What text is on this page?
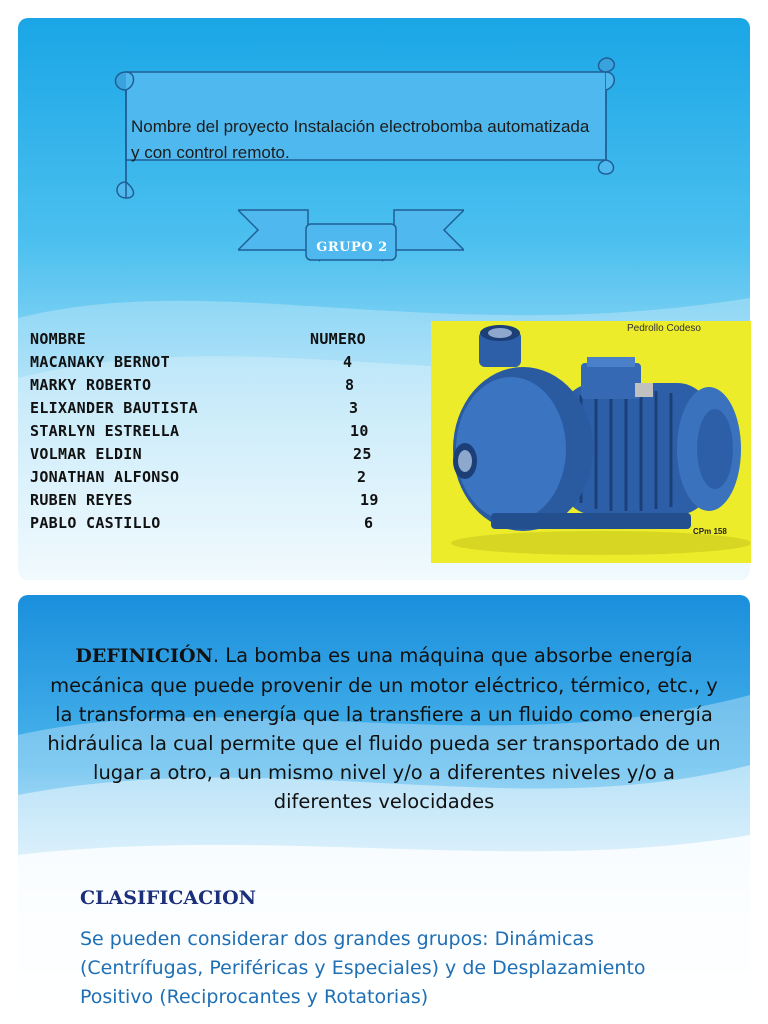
Nombre del proyecto Instalación electrobomba automatizada y con control remoto.
GRUPO 2
NOMBRE	NUMERO
MACANAKY BERNOT	4
MARKY ROBERTO	8
ELIXANDER BAUTISTA	3
STARLYN ESTRELLA	10
VOLMAR ELDIN	25
JONATHAN ALFONSO	2
RUBEN REYES	19
PABLO CASTILLO	6
Pedrollo Codeso
CPm 158
DEFINICIÓN. La bomba es una máquina que absorbe energía mecánica que puede provenir de un motor eléctrico, térmico, etc., y la transforma en energía que la transfiere a un fluido como energía hidráulica la cual permite que el fluido pueda ser transportado de un lugar a otro, a un mismo nivel y/o a diferentes niveles y/o a diferentes velocidades
CLASIFICACION
Se pueden considerar dos grandes grupos: Dinámicas (Centrífugas, Periféricas y Especiales) y de Desplazamiento Positivo (Reciprocantes y Rotatorias)
